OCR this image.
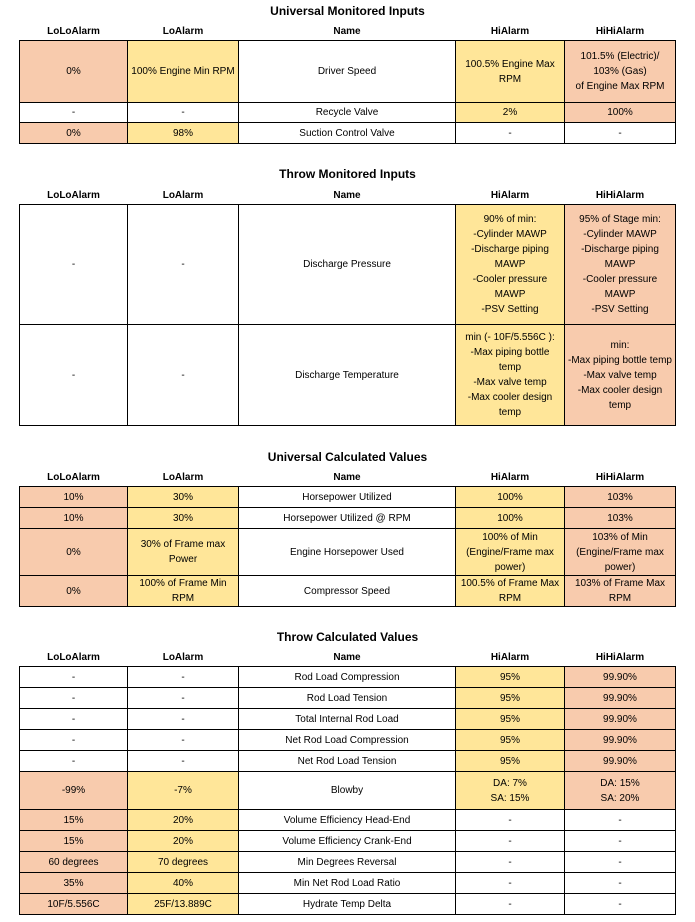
Universal Monitored Inputs
LoLoAlarm	LoAlarm	Name	HiAlarm	HiHiAlarm
0%	100% Engine Min RPM	Driver Speed	100.5% Engine Max RPM	101.5% (Electric)/
103% (Gas)
of Engine Max RPM

-	-	Recycle Valve	2%	100%
0%	98%	Suction Control Valve	-	-
Throw Monitored Inputs
LoLoAlarm	LoAlarm	Name	HiAlarm	HiHiAlarm
-	-	Discharge Pressure	90% of min:
-Cylinder MAWP
-Discharge piping MAWP
-Cooler pressure MAWP
-PSV Setting	95% of Stage min:
-Cylinder MAWP
-Discharge piping MAWP
-Cooler pressure MAWP
-PSV Setting

-	-	Discharge Temperature	min (- 10F/5.556C ):
-Max piping bottle temp
-Max valve temp
-Max cooler design temp	min:
-Max piping bottle temp
-Max valve temp
-Max cooler design temp
Universal Calculated Values
LoLoAlarm	LoAlarm	Name	HiAlarm	HiHiAlarm
10%	30%	Horsepower Utilized	100%	103%
10%	30%	Horsepower Utilized @ RPM	100%	103%
0%	30% of Frame max Power	Engine Horsepower Used	100% of Min (Engine/Frame max power)	103% of Min (Engine/Frame max power)
0%	100% of Frame Min RPM	Compressor Speed	100.5% of Frame Max RPM	103% of Frame Max RPM
Throw Calculated Values
LoLoAlarm	LoAlarm	Name	HiAlarm	HiHiAlarm
-	-	Rod Load Compression	95%	99.90%
-	-	Rod Load Tension	95%	99.90%
-	-	Total Internal Rod Load	95%	99.90%
-	-	Net Rod Load Compression	95%	99.90%
-	-	Net Rod Load Tension	95%	99.90%
-99%	-7%	Blowby	DA: 7%
SA: 15%	DA: 15%
SA: 20%

15%	20%	Volume Efficiency Head-End	-	-
15%	20%	Volume Efficiency Crank-End	-	-
60 degrees	70 degrees	Min Degrees Reversal	-	-
35%	40%	Min Net Rod Load Ratio	-	-
10F/5.556C	25F/13.889C	Hydrate Temp Delta	-	-
